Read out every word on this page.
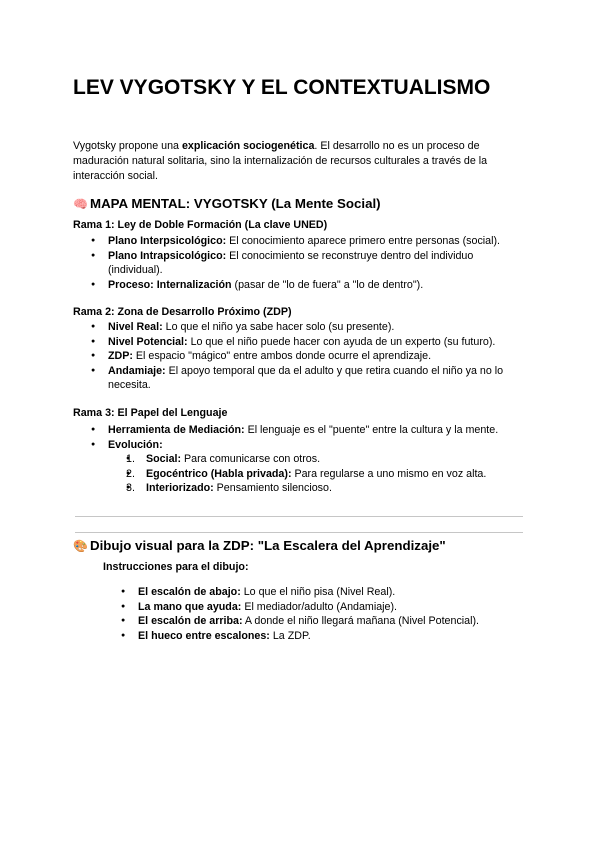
LEV VYGOTSKY Y EL CONTEXTUALISMO

Vygotsky propone una explicación sociogenética. El desarrollo no es un proceso de maduración natural solitaria, sino la internalización de recursos culturales a través de la interacción social.

🧠 MAPA MENTAL: VYGOTSKY (La Mente Social)

Rama 1: Ley de Doble Formación (La clave UNED)

● Plano Interpsicológico: El conocimiento aparece primero entre personas (social).
● Plano Intrapsicológico: El conocimiento se reconstruye dentro del individuo (individual).
● Proceso: Internalización (pasar de "lo de fuera" a "lo de dentro").

Rama 2: Zona de Desarrollo Próximo (ZDP)

● Nivel Real: Lo que el niño ya sabe hacer solo (su presente).
● Nivel Potencial: Lo que el niño puede hacer con ayuda de un experto (su futuro).
● ZDP: El espacio "mágico" entre ambos donde ocurre el aprendizaje.
● Andamiaje: El apoyo temporal que da el adulto y que retira cuando el niño ya no lo necesita.

Rama 3: El Papel del Lenguaje

● Herramienta de Mediación: El lenguaje es el "puente" entre la cultura y la mente.
● Evolución:
● 1. Social: Para comunicarse con otros.
● 2. Egocéntrico (Habla privada): Para regularse a uno mismo en voz alta.
● 3. Interiorizado: Pensamiento silencioso.
🎨 Dibujo visual para la ZDP: "La Escalera del Aprendizaje"

Instrucciones para el dibujo:

● El escalón de abajo: Lo que el niño pisa (Nivel Real).
● La mano que ayuda: El mediador/adulto (Andamiaje).
● El escalón de arriba: A donde el niño llegará mañana (Nivel Potencial).
● El hueco entre escalones: La ZDP.
